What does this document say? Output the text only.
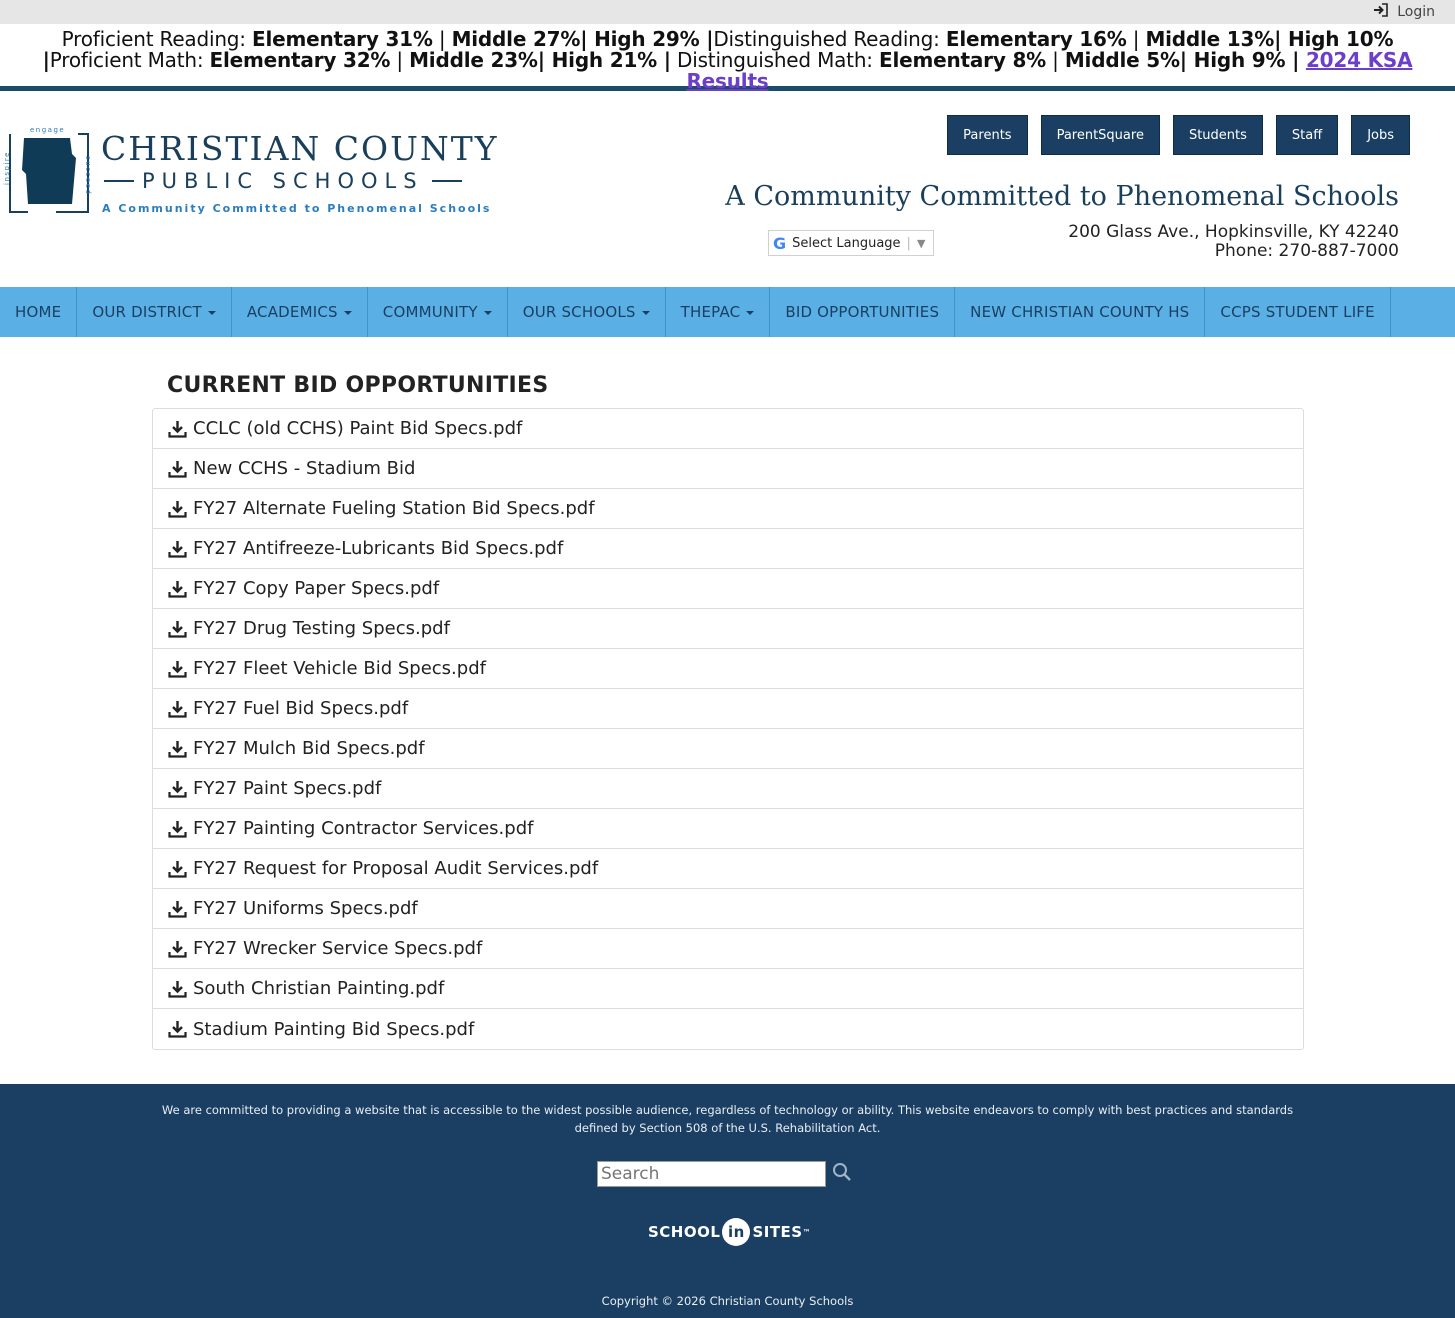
Login
Proficient Reading: Elementary 31% | Middle 27%| High 29% |Distinguished Reading: Elementary 16% | Middle 13%| High 10% |Proficient Math: Elementary 32% | Middle 23%| High 21% | Distinguished Math: Elementary 8% | Middle 5%| High 9% | 2024 KSA Results
inspire
engage
succeed
CHRISTIAN COUNTY
PUBLIC SCHOOLS
A Community Committed to Phenomenal Schools
Parents	ParentSquare	Students	Staff	Jobs
A Community Committed to Phenomenal Schools
G Select Language | ▼
200 Glass Ave., Hopkinsville, KY 42240
Phone: 270-887-7000
HOME	OUR DISTRICT	ACADEMICS	COMMUNITY	OUR SCHOOLS	THEPAC	BID OPPORTUNITIES	NEW CHRISTIAN COUNTY HS	CCPS STUDENT LIFE
CURRENT BID OPPORTUNITIES
CCLC (old CCHS) Paint Bid Specs.pdf
New CCHS - Stadium Bid
FY27 Alternate Fueling Station Bid Specs.pdf
FY27 Antifreeze-Lubricants Bid Specs.pdf
FY27 Copy Paper Specs.pdf
FY27 Drug Testing Specs.pdf
FY27 Fleet Vehicle Bid Specs.pdf
FY27 Fuel Bid Specs.pdf
FY27 Mulch Bid Specs.pdf
FY27 Paint Specs.pdf
FY27 Painting Contractor Services.pdf
FY27 Request for Proposal Audit Services.pdf
FY27 Uniforms Specs.pdf
FY27 Wrecker Service Specs.pdf
South Christian Painting.pdf
Stadium Painting Bid Specs.pdf
We are committed to providing a website that is accessible to the widest possible audience, regardless of technology or ability. This website endeavors to comply with best practices and standards defined by Section 508 of the U.S. Rehabilitation Act.
Search
SCHOOL in SITES ™
Copyright © 2026 Christian County Schools
